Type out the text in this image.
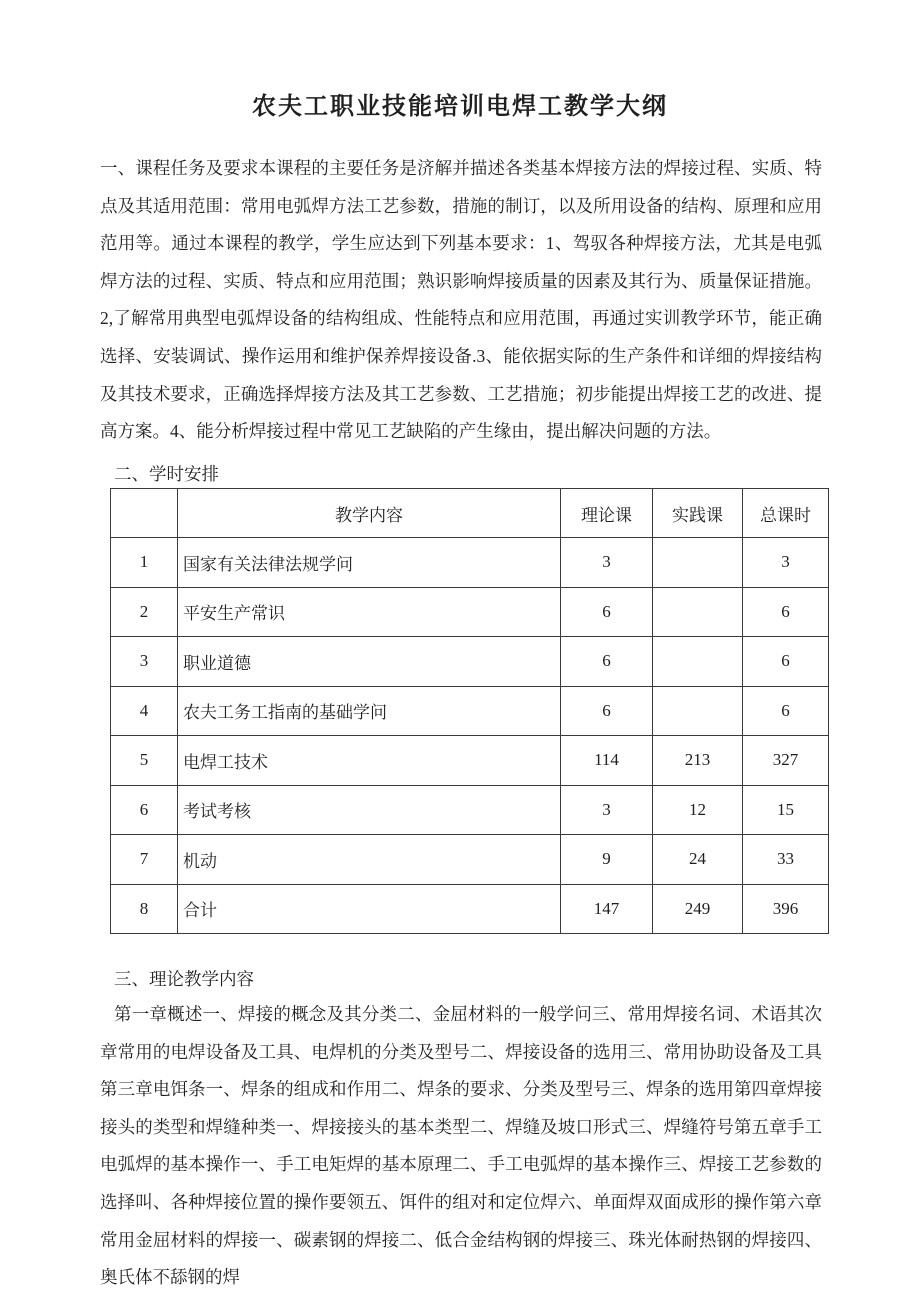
农夫工职业技能培训电焊工教学大纲
一、课程任务及要求本课程的主要任务是济解并描述各类基本焊接方法的焊接过程、实质、特点及其适用范围：常用电弧焊方法工艺参数，措施的制订，以及所用设备的结构、原理和应用范用等。通过本课程的教学，学生应达到下列基本要求：1、驾驭各种焊接方法，尤其是电弧焊方法的过程、实质、特点和应用范围；熟识影响焊接质量的因素及其行为、质量保证措施。2,了解常用典型电弧焊设备的结构组成、性能特点和应用范围，再通过实训教学环节，能正确选择、安装调试、操作运用和维护保养焊接设备.3、能依据实际的生产条件和详细的焊接结构及其技术要求，正确选择焊接方法及其工艺参数、工艺措施；初步能提出焊接工艺的改进、提高方案。4、能分析焊接过程中常见工艺缺陷的产生缘由，提出解决问题的方法。
二、学时安排
	教学内容	理论课	实践课	总课时
1	国家有关法律法规学问	3		3
2	平安生产常识	6		6
3	职业道德	6		6
4	农夫工务工指南的基础学问	6		6
5	电焊工技术	114	213	327
6	考试考核	3	12	15
7	机动	9	24	33
8	合计	147	249	396
三、理论教学内容
第一章概述一、焊接的概念及其分类二、金屈材料的一般学问三、常用焊接名词、术语其次章常用的电焊设备及工具、电焊机的分类及型号二、焊接设备的选用三、常用协助设备及工具第三章电饵条一、焊条的组成和作用二、焊条的要求、分类及型号三、焊条的选用第四章焊接接头的类型和焊缝种类一、焊接接头的基本类型二、焊缝及坡口形式三、焊缝符号第五章手工电弧焊的基本操作一、手工电矩焊的基本原理二、手工电弧焊的基本操作三、焊接工艺参数的选择叫、各种焊接位置的操作要领五、饵件的组对和定位焊六、单面焊双面成形的操作第六章常用金屈材料的焊接一、碳素钢的焊接二、低合金结构钢的焊接三、珠光体耐热钢的焊接四、奥氏体不舔钢的焊
